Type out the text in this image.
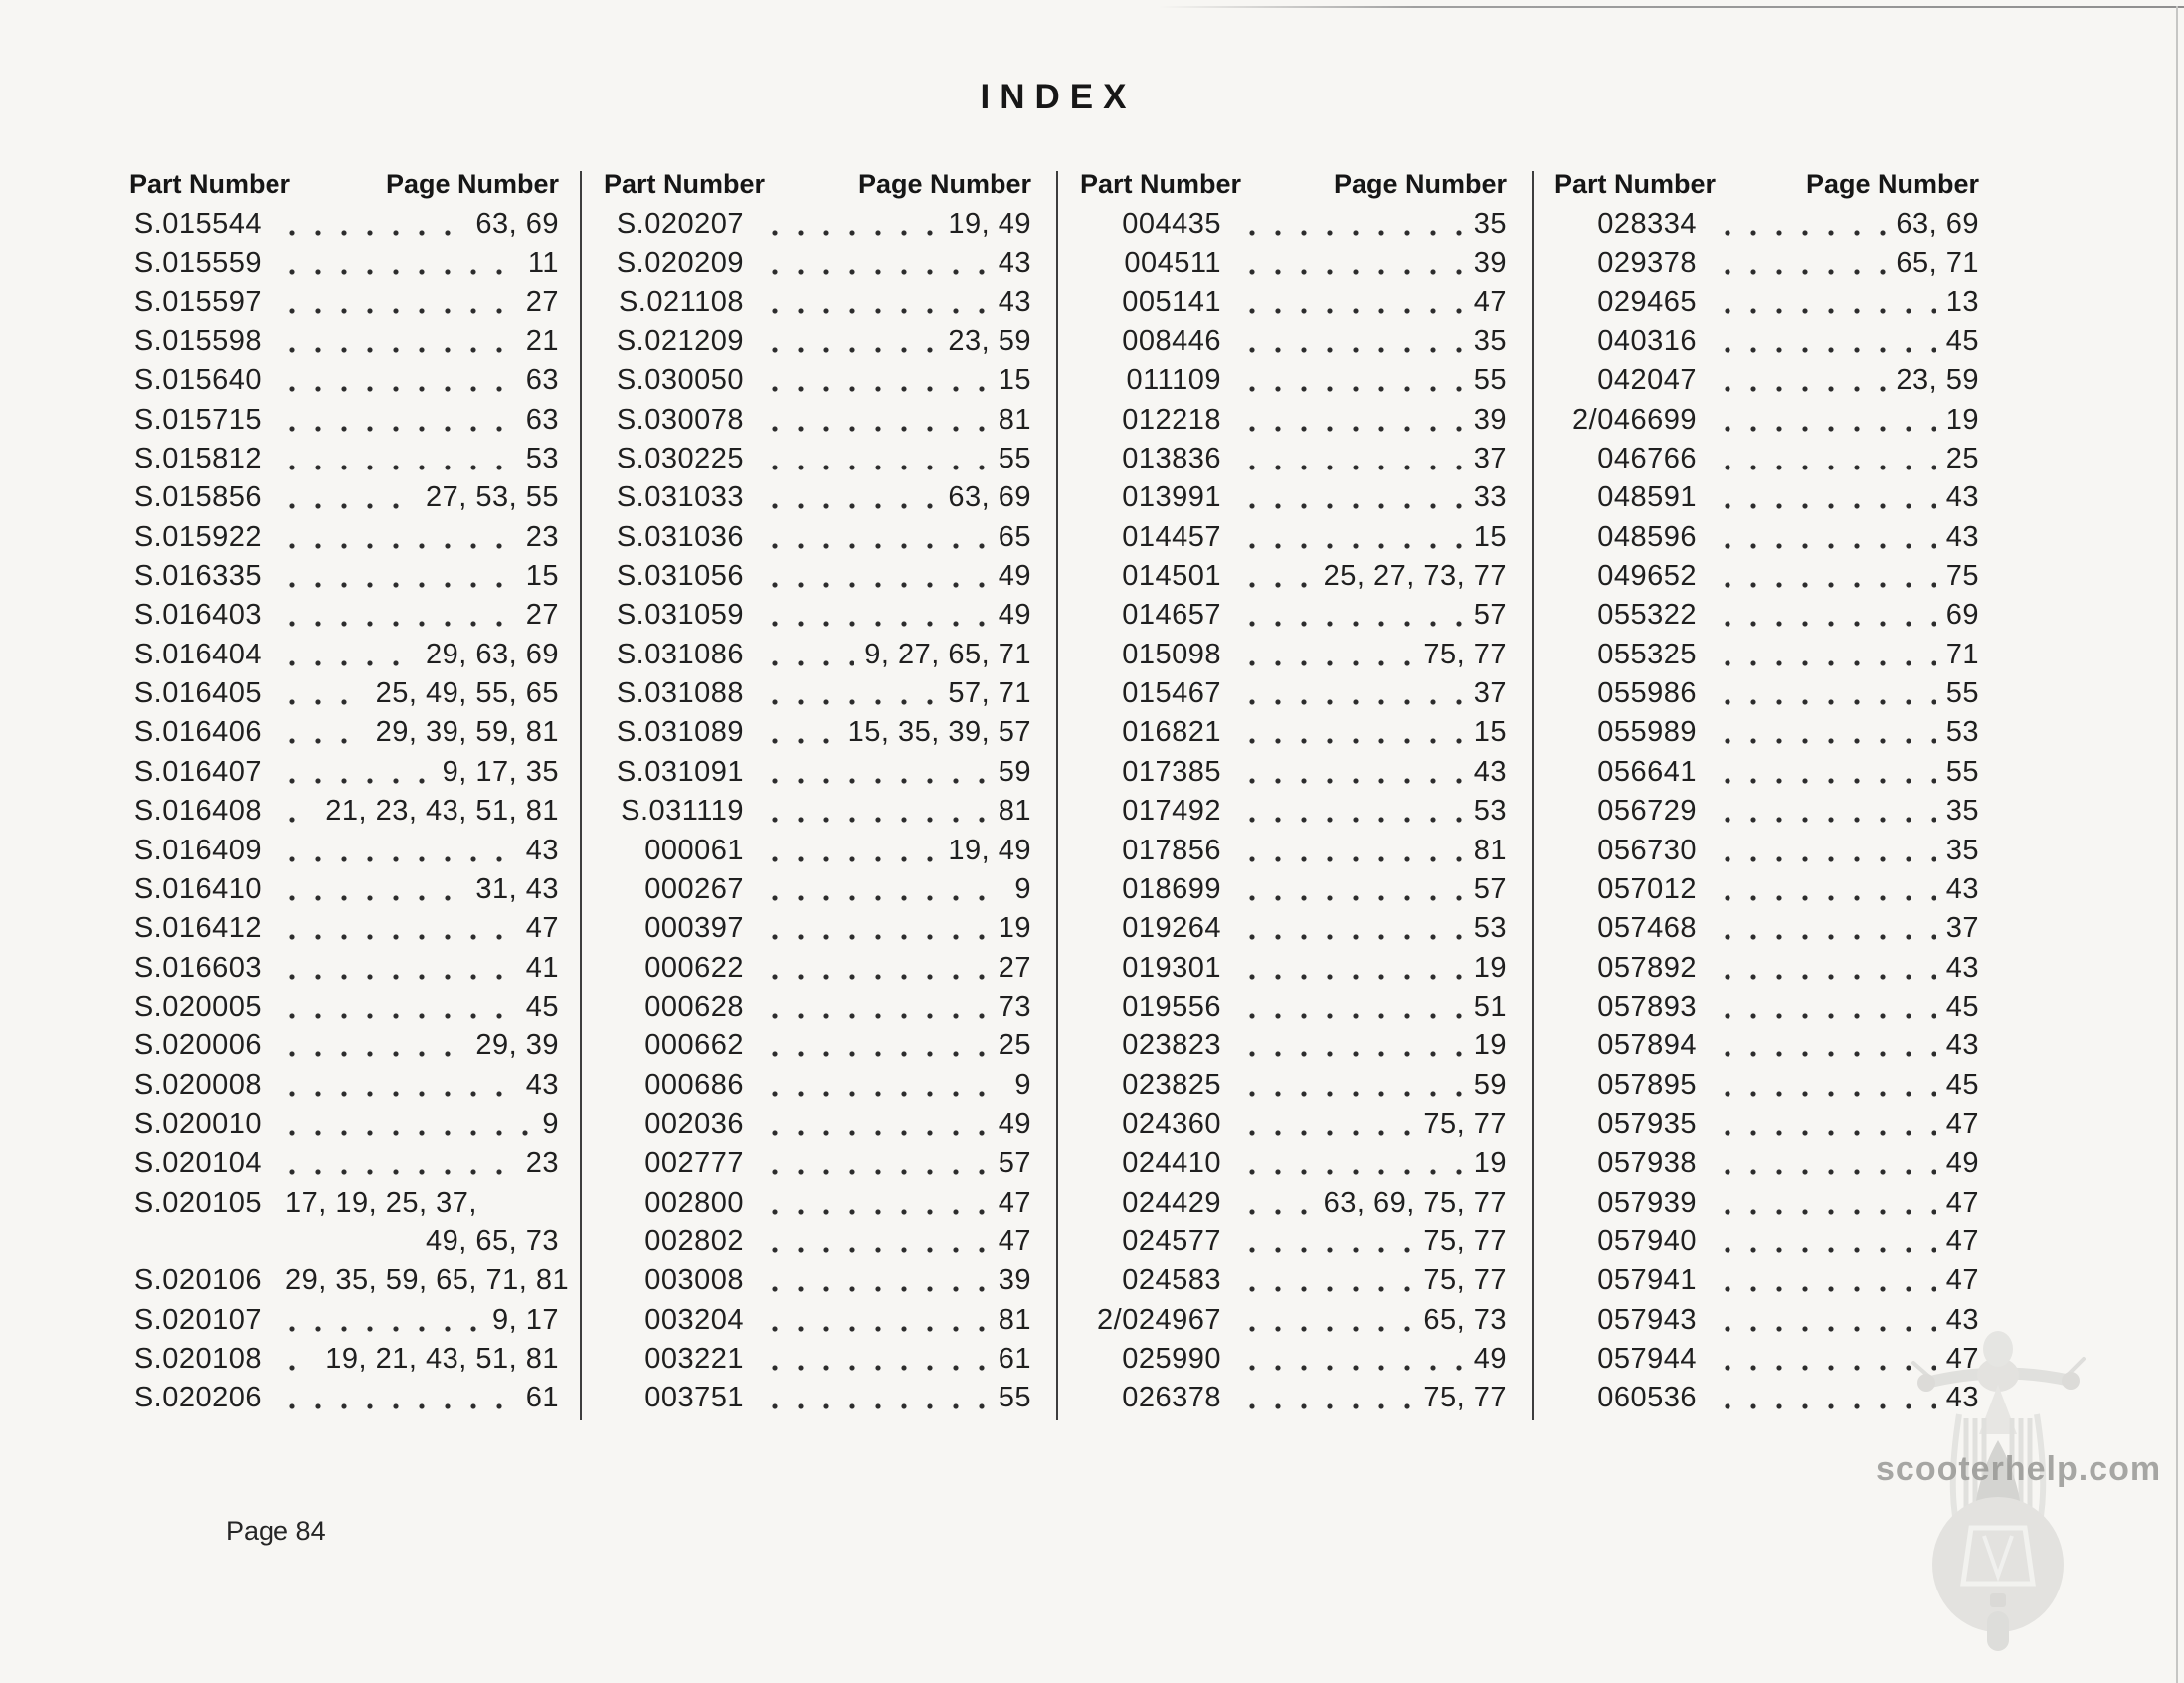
INDEX
Part Number	Page Number
S.015544	63, 69
S.015559	11
S.015597	27
S.015598	21
S.015640	63
S.015715	63
S.015812	53
S.015856	27, 53, 55
S.015922	23
S.016335	15
S.016403	27
S.016404	29, 63, 69
S.016405	25, 49, 55, 65
S.016406	29, 39, 59, 81
S.016407	9, 17, 35
S.016408 21, 23, 43, 51, 81
S.016409	43
S.016410	31, 43
S.016412	47
S.016603	41
S.020005	45
S.020006	29, 39
S.020008	43
S.020010	9
S.020104	23
S.020105 17, 19, 25, 37,
49, 65, 73
S.020106 29, 35, 59, 65, 71, 81
S.020107	9, 17
S.020108 19, 21, 43, 51, 81
S.020206	61
Part Number	Page Number
S.020207	19, 49
S.020209	43
S.021108	43
S.021209	23, 59
S.030050	15
S.030078	81
S.030225	55
S.031033	63, 69
S.031036	65
S.031056	49
S.031059	49
S.031086	9, 27, 65, 71
S.031088	57, 71
S.031089	15, 35, 39, 57
S.031091	59
S.031119	81
000061	19, 49
000267	9
000397	19
000622	27
000628	73
000662	25
000686	9
002036	49
002777	57
002800	47
002802	47
003008	39
003204	81
003221	61
003751	55
Part Number	Page Number
004435	35
004511	39
005141	47
008446	35
011109	55
012218	39
013836	37
013991	33
014457	15
014501	25, 27, 73, 77
014657	57
015098	75, 77
015467	37
016821	15
017385	43
017492	53
017856	81
018699	57
019264	53
019301	19
019556	51
023823	19
023825	59
024360	75, 77
024410	19
024429	63, 69, 75, 77
024577	75, 77
024583	75, 77
2/024967	65, 73
025990	49
026378	75, 77
Part Number	Page Number
028334	63, 69
029378	65, 71
029465	13
040316	45
042047	23, 59
2/046699	19
046766	25
048591	43
048596	43
049652	75
055322	69
055325	71
055986	55
055989	53
056641	55
056729	35
056730	35
057012	43
057468	37
057892	43
057893	45
057894	43
057895	45
057935	47
057938	49
057939	47
057940	47
057941	47
057943	43
057944	47
060536	43
Page 84
scooterhelp.com
